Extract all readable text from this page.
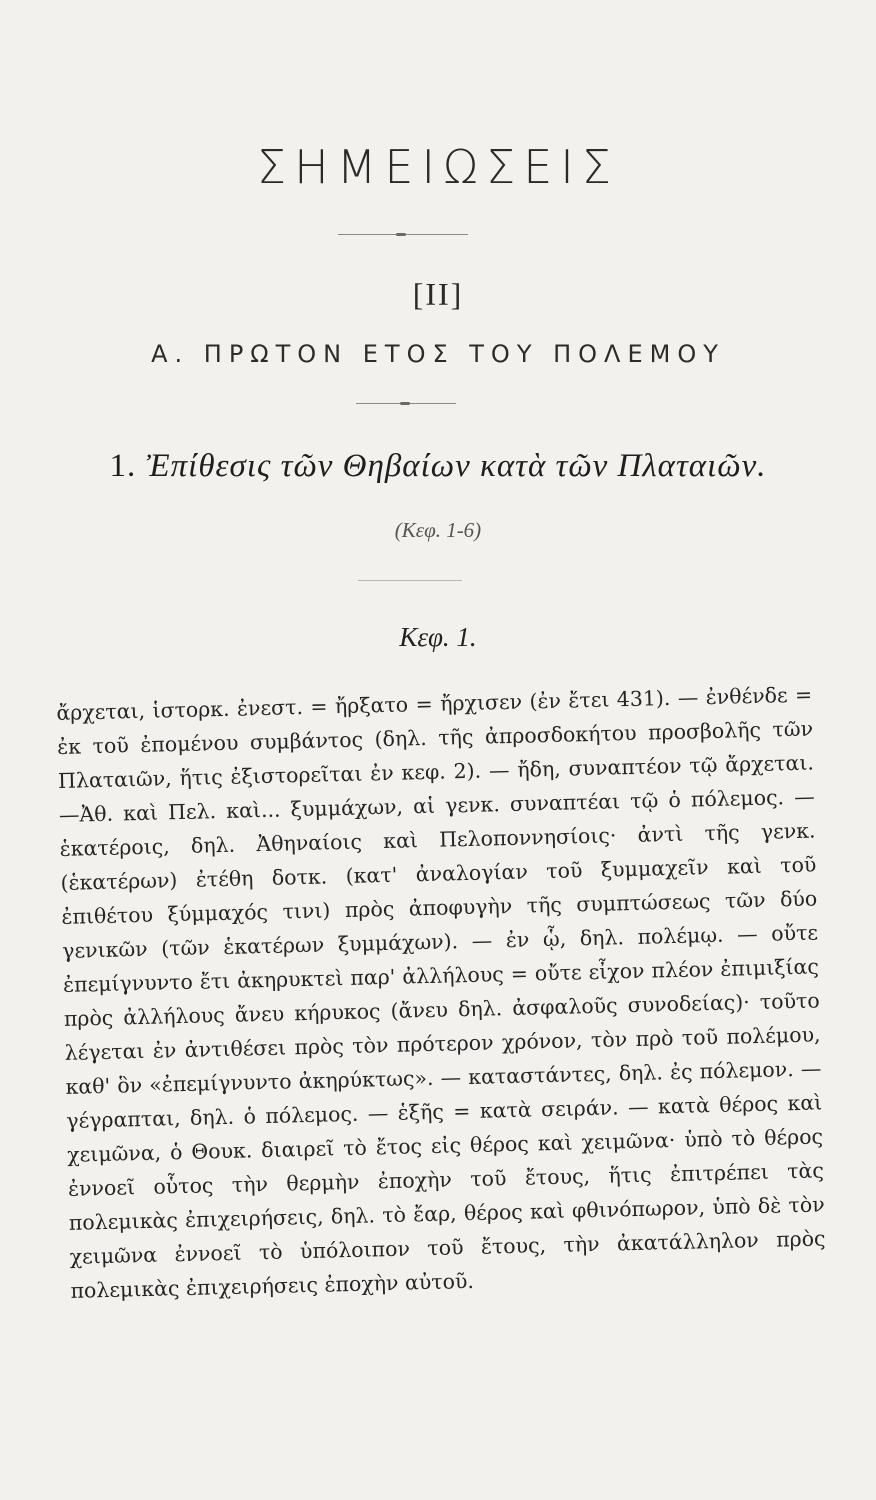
ΣΗΜΕΙΩΣΕΙΣ
[ΙΙ]
Α. ΠΡΩΤΟΝ ΕΤΟΣ ΤΟΥ ΠΟΛΕΜΟΥ
1. Ἐπίθεσις τῶν Θηβαίων κατὰ τῶν Πλαταιῶν.
(Κεφ. 1-6)
Κεφ. 1.

ἄρχεται, ἱστορκ. ἐνεστ. = ἤρξατο = ἤρχισεν (ἐν ἔτει 431). — ἐνθένδε = ἐκ τοῦ ἐπομένου συμβάντος (δηλ. τῆς ἀπροσδοκήτου προσβολῆς τῶν Πλαταιῶν, ἥτις ἐξιστορεῖται ἐν κεφ. 2). — ἤδη, συναπτέον τῷ ἄρχεται.—Ἀθ. καὶ Πελ. καὶ... ξυμμάχων, αἱ γενκ. συναπτέαι τῷ ὁ πόλεμος. — ἑκατέροις, δηλ. Ἀθηναίοις καὶ Πελοποννησίοις· ἀντὶ τῆς γενκ. (ἑκατέρων) ἐτέθη δοτκ. (κατ' ἀναλογίαν τοῦ ξυμμαχεῖν καὶ τοῦ ἐπιθέτου ξύμμαχός τινι) πρὸς ἀποφυγὴν τῆς συμπτώσεως τῶν δύο γενικῶν (τῶν ἑκατέρων ξυμμάχων). — ἐν ᾧ, δηλ. πολέμῳ. — οὔτε ἐπεμίγνυντο ἔτι ἀκηρυκτεὶ παρ' ἀλλήλους = οὔτε εἶχον πλέον ἐπιμιξίας πρὸς ἀλλήλους ἄνευ κήρυκος (ἄνευ δηλ. ἀσφαλοῦς συνοδείας)· τοῦτο λέγεται ἐν ἀντιθέσει πρὸς τὸν πρότερον χρόνον, τὸν πρὸ τοῦ πολέμου, καθ' ὃν «ἐπεμίγνυντο ἀκηρύκτως». — καταστάντες, δηλ. ἐς πόλεμον. — γέγραπται, δηλ. ὁ πόλεμος. — ἑξῆς = κατὰ σειράν. — κατὰ θέρος καὶ χειμῶνα, ὁ Θουκ. διαιρεῖ τὸ ἔτος εἰς θέρος καὶ χειμῶνα· ὑπὸ τὸ θέρος ἐννοεῖ οὗτος τὴν θερμὴν ἐποχὴν τοῦ ἔτους, ἥτις ἐπιτρέπει τὰς πολεμικὰς ἐπιχειρήσεις, δηλ. τὸ ἔαρ, θέρος καὶ φθινόπωρον, ὑπὸ δὲ τὸν χειμῶνα ἐννοεῖ τὸ ὑπόλοιπον τοῦ ἔτους, τὴν ἀκατάλληλον πρὸς πολεμικὰς ἐπιχειρήσεις ἐποχὴν αὐτοῦ.
